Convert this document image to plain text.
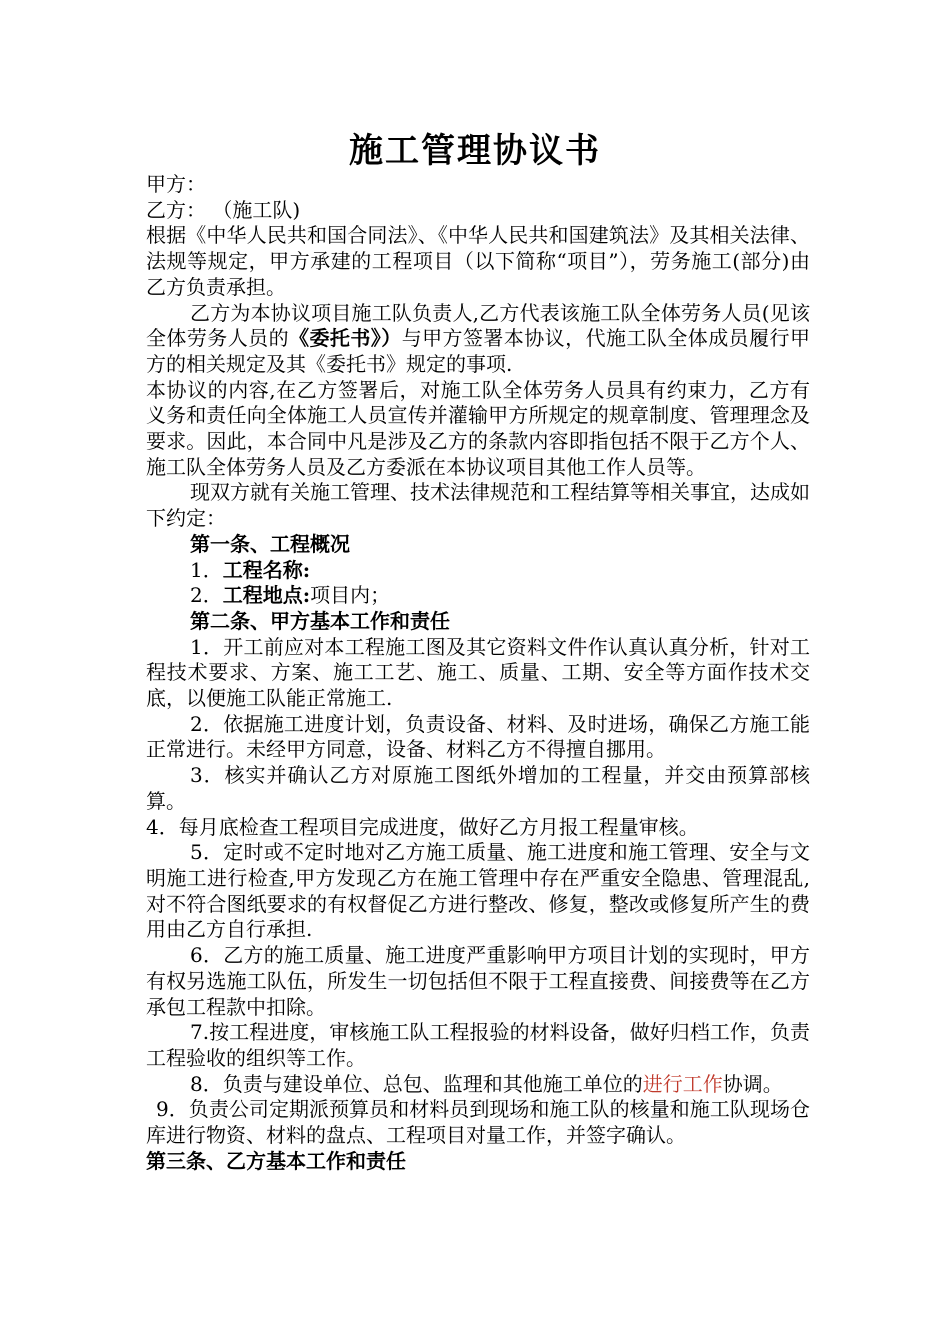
施工管理协议书

甲方：

乙方： （施工队)

根据《中华人民共和国合同法》、《中华人民共和国建筑法》及其相关法律、法规等规定，甲方承建的工程项目（以下简称“项目”），劳务施工(部分)由乙方负责承担。

乙方为本协议项目施工队负责人,乙方代表该施工队全体劳务人员(见该全体劳务人员的《委托书》）与甲方签署本协议，代施工队全体成员履行甲方的相关规定及其《委托书》规定的事项.

本协议的内容,在乙方签署后，对施工队全体劳务人员具有约束力，乙方有义务和责任向全体施工人员宣传并灌输甲方所规定的规章制度、管理理念及要求。因此，本合同中凡是涉及乙方的条款内容即指包括不限于乙方个人、施工队全体劳务人员及乙方委派在本协议项目其他工作人员等。

现双方就有关施工管理、技术法律规范和工程结算等相关事宜，达成如下约定：

第一条、工程概况

1．工程名称:

2．工程地点:项目内；

第二条、甲方基本工作和责任

1．开工前应对本工程施工图及其它资料文件作认真认真分析，针对工程技术要求、方案、施工工艺、施工、质量、工期、安全等方面作技术交底，以便施工队能正常施工.

2．依据施工进度计划，负责设备、材料、及时进场，确保乙方施工能正常进行。未经甲方同意，设备、材料乙方不得擅自挪用。

3．核实并确认乙方对原施工图纸外增加的工程量，并交由预算部核算。

4．每月底检查工程项目完成进度，做好乙方月报工程量审核。

5．定时或不定时地对乙方施工质量、施工进度和施工管理、安全与文明施工进行检查,甲方发现乙方在施工管理中存在严重安全隐患、管理混乱,对不符合图纸要求的有权督促乙方进行整改、修复，整改或修复所产生的费用由乙方自行承担.

6．乙方的施工质量、施工进度严重影响甲方项目计划的实现时，甲方有权另选施工队伍，所发生一切包括但不限于工程直接费、间接费等在乙方承包工程款中扣除。

7.按工程进度，审核施工队工程报验的材料设备，做好归档工作，负责工程验收的组织等工作。

8．负责与建设单位、总包、监理和其他施工单位的进行工作协调。

9．负责公司定期派预算员和材料员到现场和施工队的核量和施工队现场仓库进行物资、材料的盘点、工程项目对量工作，并签字确认。

第三条、乙方基本工作和责任
